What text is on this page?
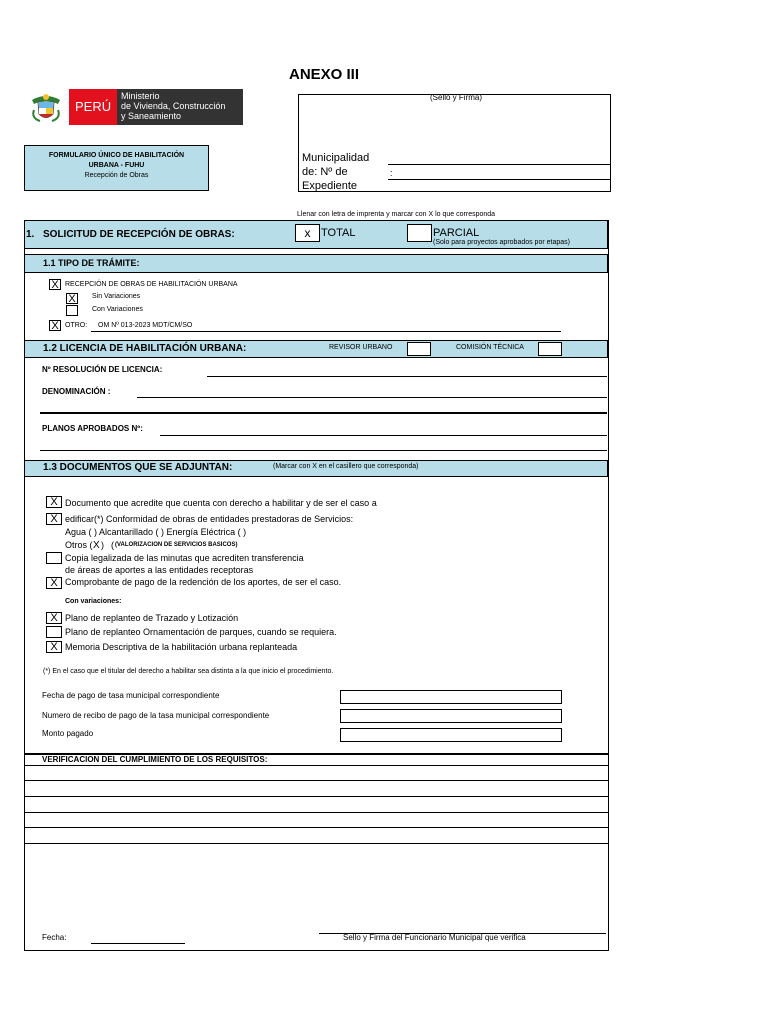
ANEXO III
PERÚ
Ministerio
de Vivienda, Construcción
y Saneamiento
(Sello y Firma)
Municipalidad
de: Nº de
Expediente
:
FORMULARIO ÚNICO DE HABILITACIÓN
URBANA - FUHU
Recepción de Obras
Llenar con letra de imprenta y marcar con X lo que corresponda
1. SOLICITUD DE RECEPCIÓN DE OBRAS:	x TOTAL	PARCIAL
(Solo para proyectos aprobados por etapas)
1.1 TIPO DE TRÁMITE:
X RECEPCIÓN DE OBRAS DE HABILITACIÓN URBANA
X	Sin Variaciones
Con Variaciones
X OTRO: OM Nº 013-2023 MDT/CM/SO
1.2 LICENCIA DE HABILITACIÓN URBANA:	REVISOR URBANO	COMISIÓN TÉCNICA
Nº RESOLUCIÓN DE LICENCIA:
DENOMINACIÓN :
PLANOS APROBADOS Nº:
1.3 DOCUMENTOS QUE SE ADJUNTAN:	(Marcar con X en el casillero que corresponda)
X Documento que acredite que cuenta con derecho a habilitar y de ser el caso a
X edificar(*) Conformidad de obras de entidades prestadoras de Servicios:
Agua ( ) Alcantarillado ( ) Energía Eléctrica ( )
Otros ( X ) ( (VALORIZACION DE SERVICIOS BASICOS)
Copia legalizada de las minutas que acrediten transferencia
de áreas de aportes a las entidades receptoras
X Comprobante de pago de la redención de los aportes, de ser el caso.
Con variaciones:
X Plano de replanteo de Trazado y Lotización
Plano de replanteo Ornamentación de parques, cuando se requiera.
X Memoria Descriptiva de la habilitación urbana replanteada
(*) En el caso que el titular del derecho a habilitar sea distinta a la que inicio el procedimiento.
Fecha de pago de tasa municipal correspondiente
Numero de recibo de pago de la tasa municipal correspondiente
Monto pagado
VERIFICACION DEL CUMPLIMIENTO DE LOS REQUISITOS:
Fecha:	Sello y Firma del Funcionario Municipal que verifica
